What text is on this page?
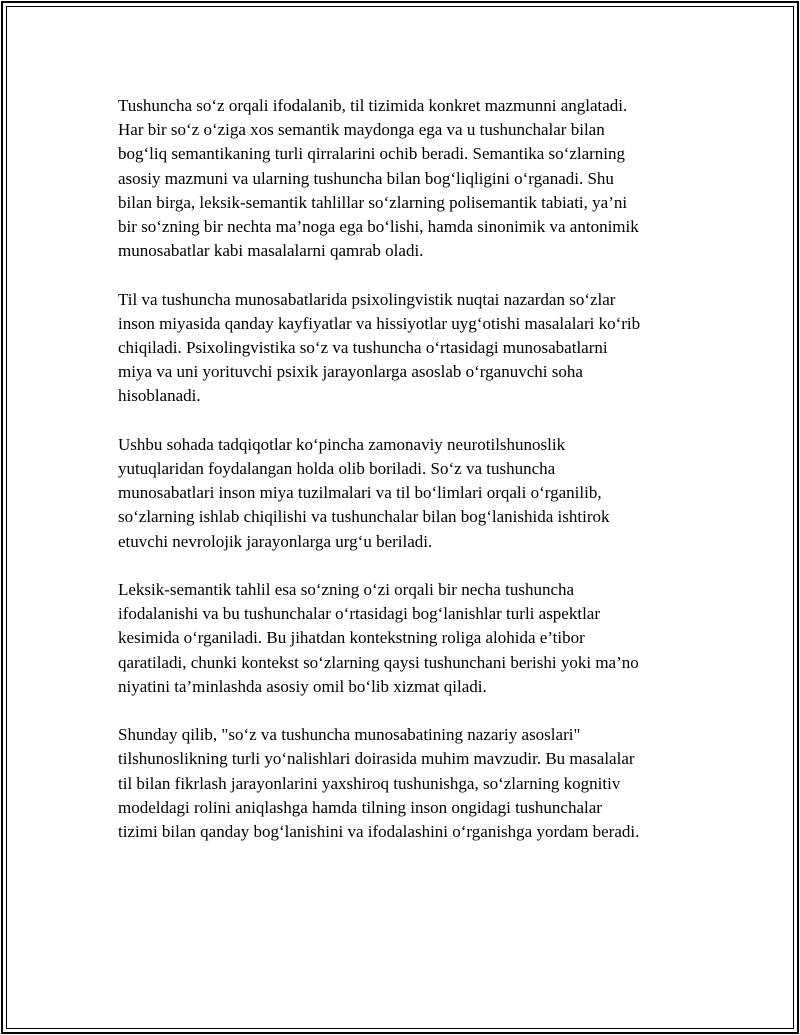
Tushuncha so‘z orqali ifodalanib, til tizimida konkret mazmunni anglatadi.
Har bir so‘z o‘ziga xos semantik maydonga ega va u tushunchalar bilan
bog‘liq semantikaning turli qirralarini ochib beradi. Semantika so‘zlarning
asosiy mazmuni va ularning tushuncha bilan bog‘liqligini o‘rganadi. Shu
bilan birga, leksik-semantik tahlillar so‘zlarning polisemantik tabiati, ya’ni
bir so‘zning bir nechta ma’noga ega bo‘lishi, hamda sinonimik va antonimik
munosabatlar kabi masalalarni qamrab oladi.

Til va tushuncha munosabatlarida psixolingvistik nuqtai nazardan so‘zlar
inson miyasida qanday kayfiyatlar va hissiyotlar uyg‘otishi masalalari ko‘rib
chiqiladi. Psixolingvistika so‘z va tushuncha o‘rtasidagi munosabatlarni
miya va uni yorituvchi psixik jarayonlarga asoslab o‘rganuvchi soha
hisoblanadi.

Ushbu sohada tadqiqotlar ko‘pincha zamonaviy neurotilshunoslik
yutuqlaridan foydalangan holda olib boriladi. So‘z va tushuncha
munosabatlari inson miya tuzilmalari va til bo‘limlari orqali o‘rganilib,
so‘zlarning ishlab chiqilishi va tushunchalar bilan bog‘lanishida ishtirok
etuvchi nevrolojik jarayonlarga urg‘u beriladi.

Leksik-semantik tahlil esa so‘zning o‘zi orqali bir necha tushuncha
ifodalanishi va bu tushunchalar o‘rtasidagi bog‘lanishlar turli aspektlar
kesimida o‘rganiladi. Bu jihatdan kontekstning roliga alohida e’tibor
qaratiladi, chunki kontekst so‘zlarning qaysi tushunchani berishi yoki ma’no
niyatini ta’minlashda asosiy omil bo‘lib xizmat qiladi.

Shunday qilib, "so‘z va tushuncha munosabatining nazariy asoslari"
tilshunoslikning turli yo‘nalishlari doirasida muhim mavzudir. Bu masalalar
til bilan fikrlash jarayonlarini yaxshiroq tushunishga, so‘zlarning kognitiv
modeldagi rolini aniqlashga hamda tilning inson ongidagi tushunchalar
tizimi bilan qanday bog‘lanishini va ifodalashini o‘rganishga yordam beradi.
